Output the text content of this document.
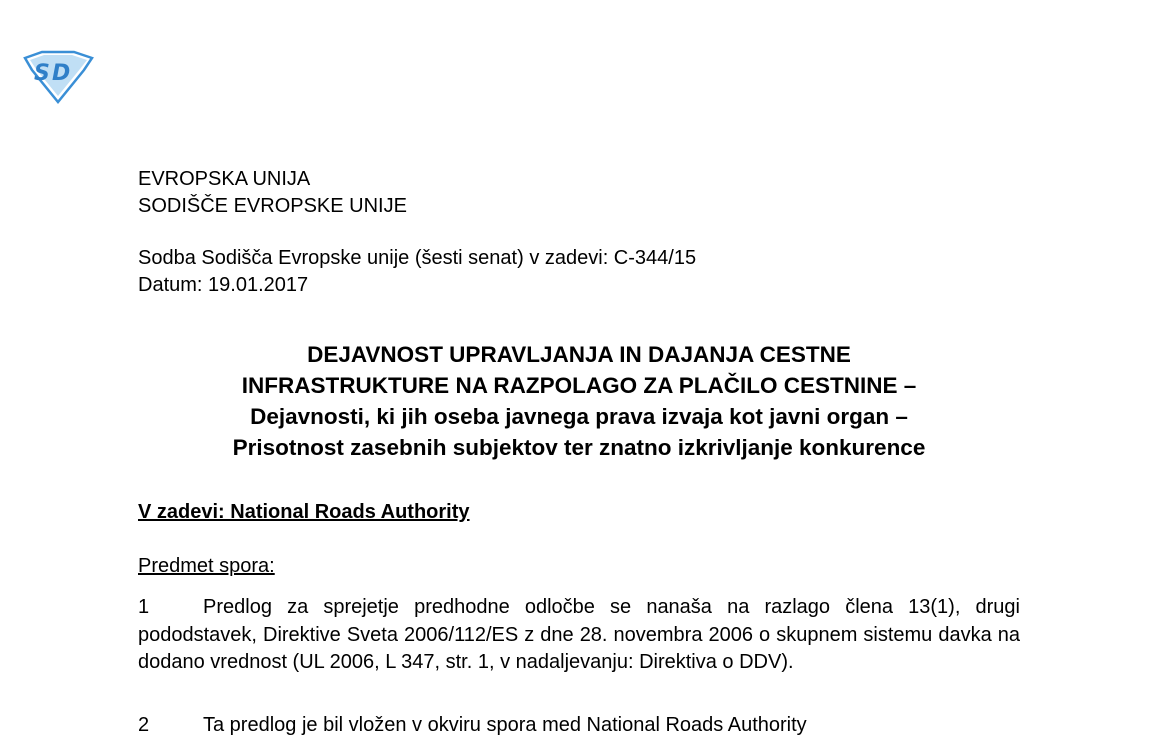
S D
EVROPSKA UNIJA
SODIŠČE EVROPSKE UNIJE
Sodba Sodišča Evropske unije (šesti senat) v zadevi: C-344/15
Datum: 19.01.2017
DEJAVNOST UPRAVLJANJA IN DAJANJA CESTNE
INFRASTRUKTURE NA RAZPOLAGO ZA PLAČILO CESTNINE –
Dejavnosti, ki jih oseba javnega prava izvaja kot javni organ –
Prisotnost zasebnih subjektov ter znatno izkrivljanje konkurence
V zadevi: National Roads Authority
Predmet spora:
1	Predlog za sprejetje predhodne odločbe se nanaša na razlago člena 13(1), drugi pododstavek, Direktive Sveta 2006/112/ES z dne 28. novembra 2006 o skupnem sistemu davka na dodano vrednost (UL 2006, L 347, str. 1, v nadaljevanju: Direktiva o DDV).
2	Ta predlog je bil vložen v okviru spora med National Roads Authority
